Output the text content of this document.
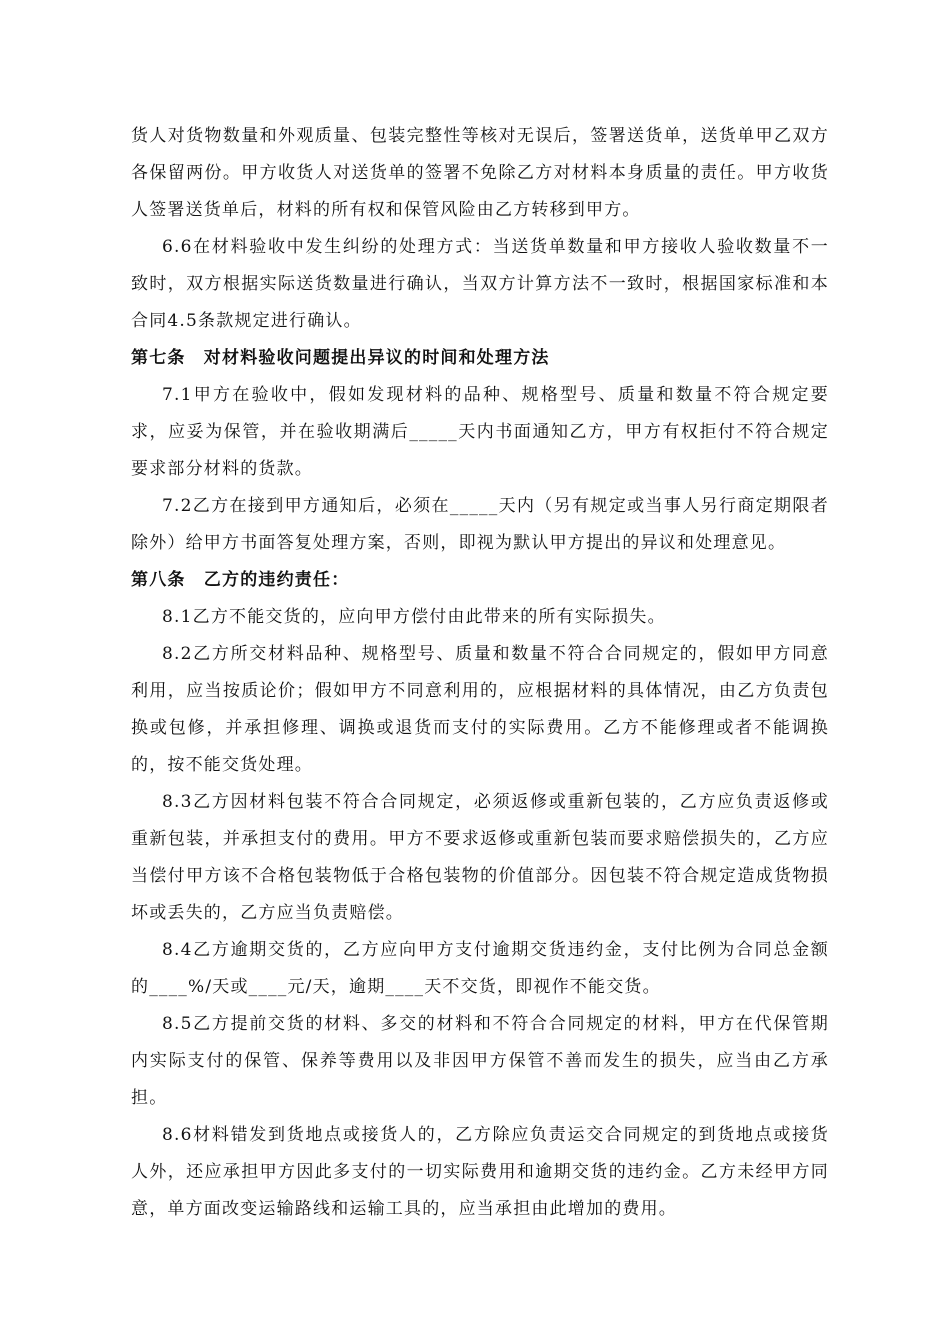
货人对货物数量和外观质量、包装完整性等核对无误后，签署送货单，送货单甲乙双方各保留两份。甲方收货人对送货单的签署不免除乙方对材料本身质量的责任。甲方收货人签署送货单后，材料的所有权和保管风险由乙方转移到甲方。

6.6在材料验收中发生纠纷的处理方式：当送货单数量和甲方接收人验收数量不一致时，双方根据实际送货数量进行确认，当双方计算方法不一致时，根据国家标准和本合同4.5条款规定进行确认。

第七条　对材料验收问题提出异议的时间和处理方法

7.1甲方在验收中，假如发现材料的品种、规格型号、质量和数量不符合规定要求，应妥为保管，并在验收期满后_____天内书面通知乙方，甲方有权拒付不符合规定要求部分材料的货款。

7.2乙方在接到甲方通知后，必须在_____天内（另有规定或当事人另行商定期限者除外）给甲方书面答复处理方案，否则，即视为默认甲方提出的异议和处理意见。

第八条　乙方的违约责任：

8.1乙方不能交货的，应向甲方偿付由此带来的所有实际损失。

8.2乙方所交材料品种、规格型号、质量和数量不符合合同规定的，假如甲方同意利用，应当按质论价；假如甲方不同意利用的，应根据材料的具体情况，由乙方负责包换或包修，并承担修理、调换或退货而支付的实际费用。乙方不能修理或者不能调换的，按不能交货处理。

8.3乙方因材料包装不符合合同规定，必须返修或重新包装的，乙方应负责返修或重新包装，并承担支付的费用。甲方不要求返修或重新包装而要求赔偿损失的，乙方应当偿付甲方该不合格包装物低于合格包装物的价值部分。因包装不符合规定造成货物损坏或丢失的，乙方应当负责赔偿。

8.4乙方逾期交货的，乙方应向甲方支付逾期交货违约金，支付比例为合同总金额的____%/天或____元/天，逾期____天不交货，即视作不能交货。

8.5乙方提前交货的材料、多交的材料和不符合合同规定的材料，甲方在代保管期内实际支付的保管、保养等费用以及非因甲方保管不善而发生的损失，应当由乙方承担。

8.6材料错发到货地点或接货人的，乙方除应负责运交合同规定的到货地点或接货人外，还应承担甲方因此多支付的一切实际费用和逾期交货的违约金。乙方未经甲方同意，单方面改变运输路线和运输工具的，应当承担由此增加的费用。
